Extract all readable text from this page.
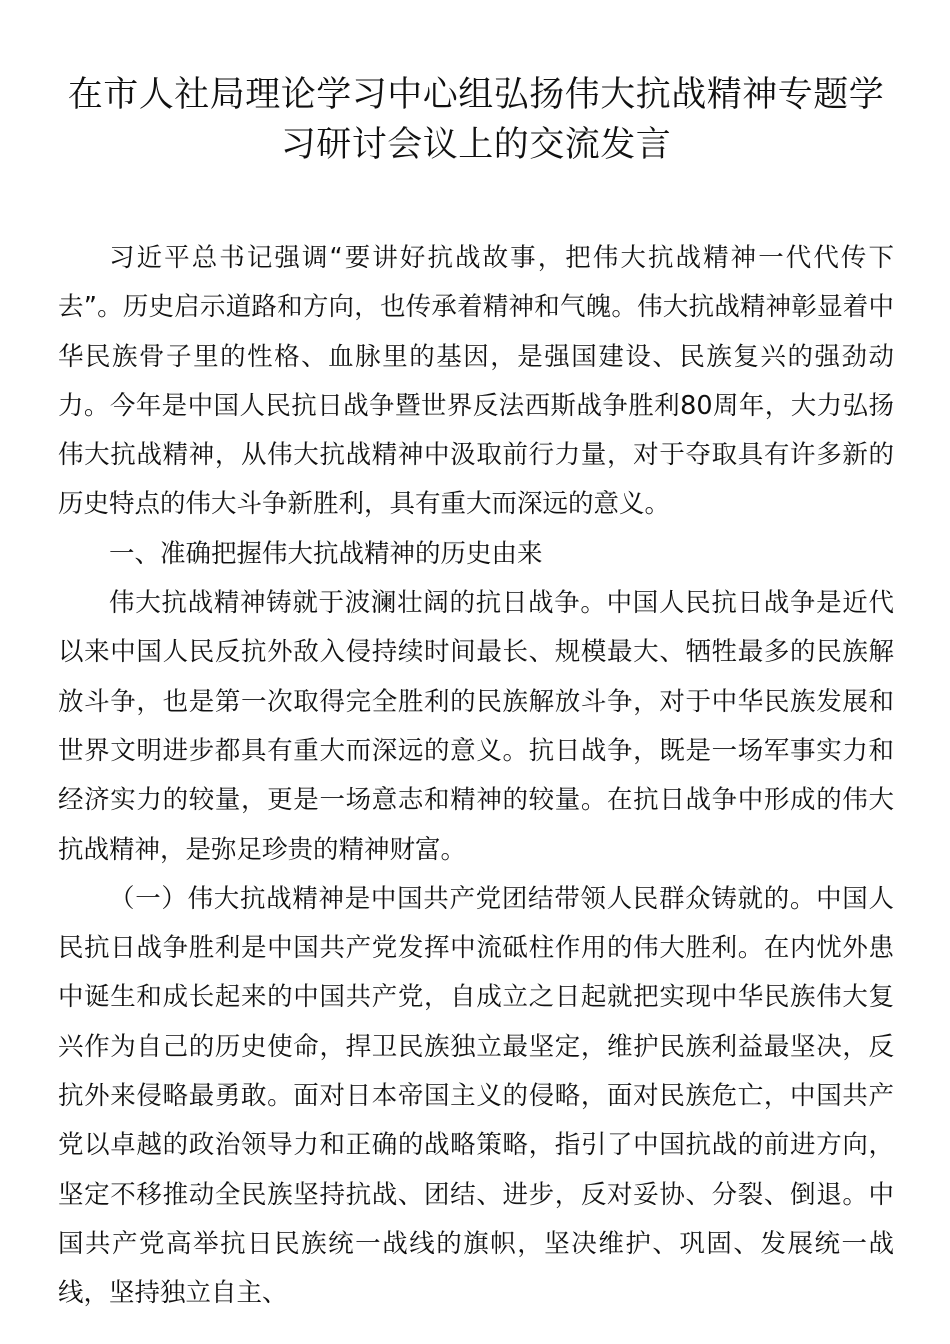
在市人社局理论学习中心组弘扬伟大抗战精神专题学习研讨会议上的交流发言

习近平总书记强调“要讲好抗战故事，把伟大抗战精神一代代传下去”。历史启示道路和方向，也传承着精神和气魄。伟大抗战精神彰显着中华民族骨子里的性格、血脉里的基因，是强国建设、民族复兴的强劲动力。今年是中国人民抗日战争暨世界反法西斯战争胜利80周年，大力弘扬伟大抗战精神，从伟大抗战精神中汲取前行力量，对于夺取具有许多新的历史特点的伟大斗争新胜利，具有重大而深远的意义。

一、准确把握伟大抗战精神的历史由来

伟大抗战精神铸就于波澜壮阔的抗日战争。中国人民抗日战争是近代以来中国人民反抗外敌入侵持续时间最长、规模最大、牺牲最多的民族解放斗争，也是第一次取得完全胜利的民族解放斗争，对于中华民族发展和世界文明进步都具有重大而深远的意义。抗日战争，既是一场军事实力和经济实力的较量，更是一场意志和精神的较量。在抗日战争中形成的伟大抗战精神，是弥足珍贵的精神财富。

（一）伟大抗战精神是中国共产党团结带领人民群众铸就的。中国人民抗日战争胜利是中国共产党发挥中流砥柱作用的伟大胜利。在内忧外患中诞生和成长起来的中国共产党，自成立之日起就把实现中华民族伟大复兴作为自己的历史使命，捍卫民族独立最坚定，维护民族利益最坚决，反抗外来侵略最勇敢。面对日本帝国主义的侵略，面对民族危亡，中国共产党以卓越的政治领导力和正确的战略策略，指引了中国抗战的前进方向，坚定不移推动全民族坚持抗战、团结、进步，反对妥协、分裂、倒退。中国共产党高举抗日民族统一战线的旗帜，坚决维护、巩固、发展统一战线，坚持独立自主、
